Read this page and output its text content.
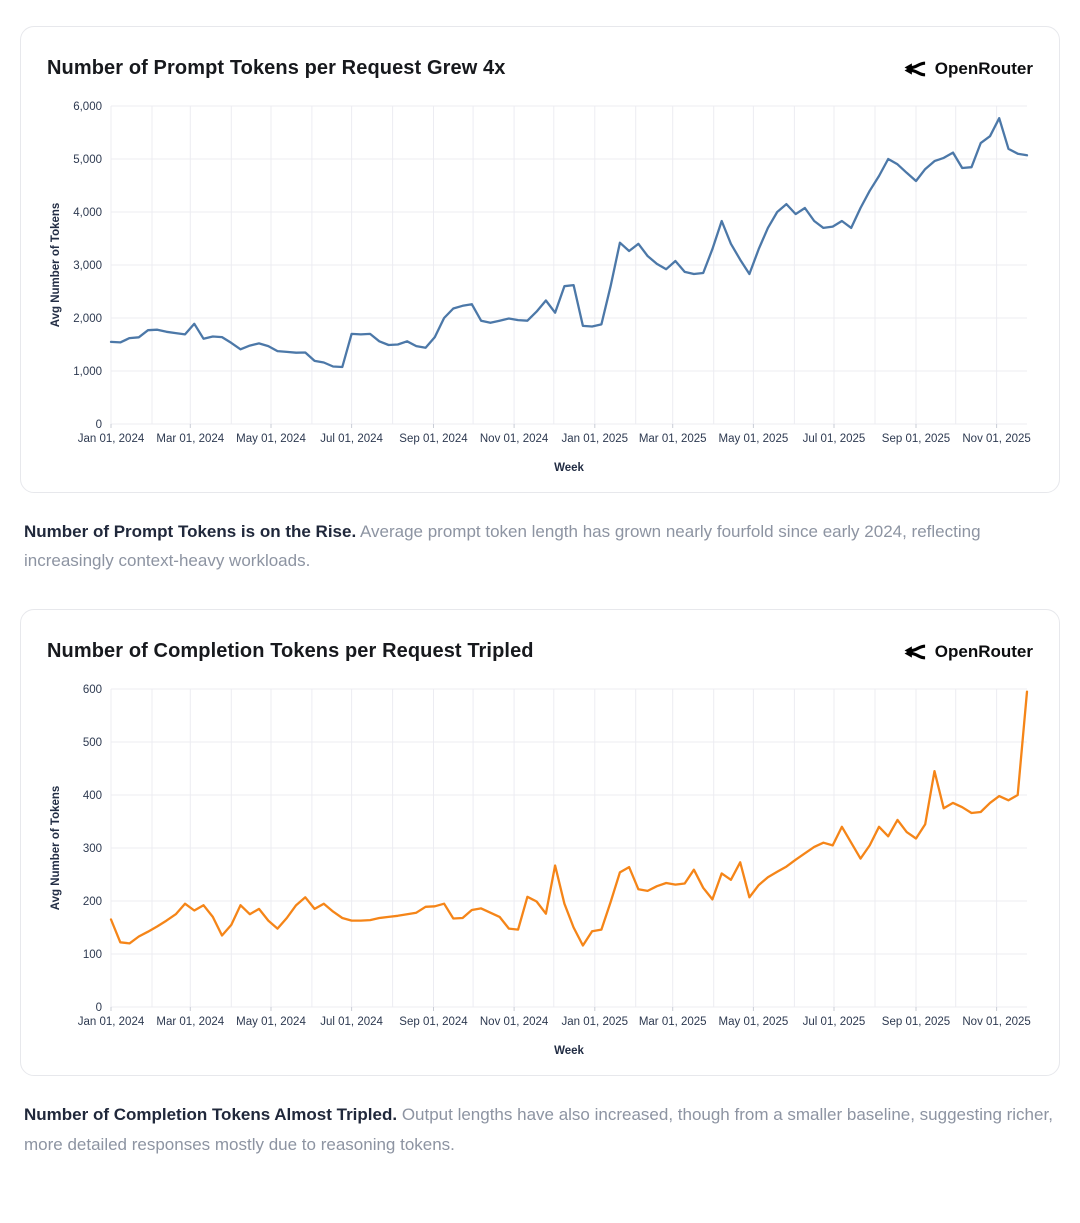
Number of Prompt Tokens per Request Grew 4x	OpenRouter
0
1,000
2,000
3,000
4,000
5,000
6,000
Jan 01, 2024 Mar 01, 2024 May 01, 2024 Jul 01, 2024 Sep 01, 2024 Nov 01, 2024 Jan 01, 2025 Mar 01, 2025 May 01, 2025 Jul 01, 2025 Sep 01, 2025 Nov 01, 2025
Avg Number of Tokens
Week

Number of Prompt Tokens is on the Rise. Average prompt token length has grown nearly fourfold since early 2024, reflecting increasingly context-heavy workloads.

Number of Completion Tokens per Request Tripled	OpenRouter
0
100
200
300
400
500
600
Jan 01, 2024 Mar 01, 2024 May 01, 2024 Jul 01, 2024 Sep 01, 2024 Nov 01, 2024 Jan 01, 2025 Mar 01, 2025 May 01, 2025 Jul 01, 2025 Sep 01, 2025 Nov 01, 2025
Avg Number of Tokens
Week

Number of Completion Tokens Almost Tripled. Output lengths have also increased, though from a smaller baseline, suggesting richer, more detailed responses mostly due to reasoning tokens.
